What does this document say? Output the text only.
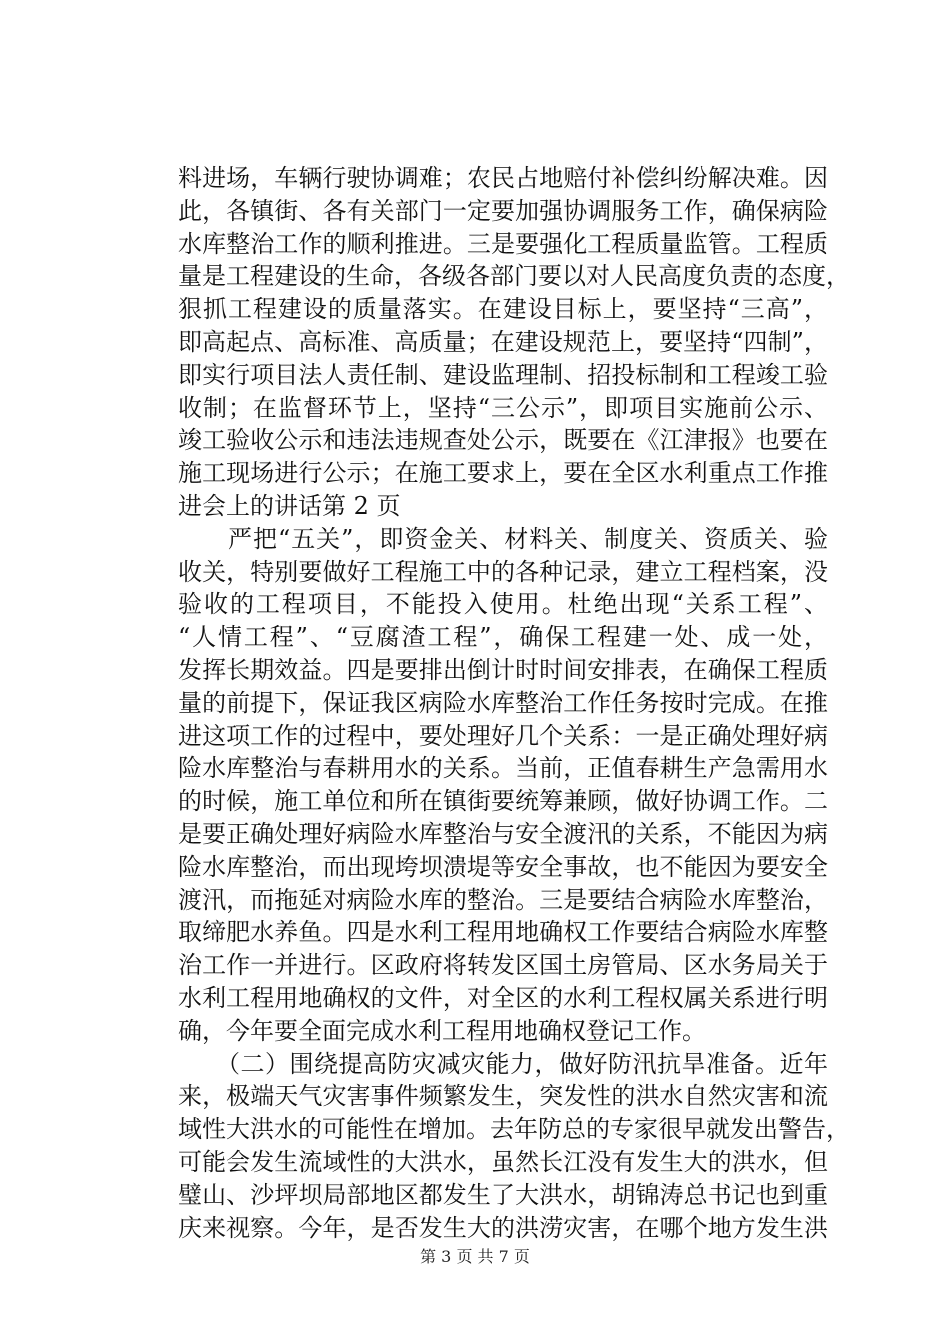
料进场，车辆行驶协调难；农民占地赔付补偿纠纷解决难。因
此，各镇街、各有关部门一定要加强协调服务工作，确保病险
水库整治工作的顺利推进。三是要强化工程质量监管。工程质
量是工程建设的生命，各级各部门要以对人民高度负责的态度，
狠抓工程建设的质量落实。在建设目标上，要坚持“三高”，
即高起点、高标准、高质量；在建设规范上，要坚持“四制”，
即实行项目法人责任制、建设监理制、招投标制和工程竣工验
收制；在监督环节上，坚持“三公示”，即项目实施前公示、
竣工验收公示和违法违规查处公示，既要在《江津报》也要在
施工现场进行公示；在施工要求上，要在全区水利重点工作推
进会上的讲话第 2 页
严把“五关”，即资金关、材料关、制度关、资质关、验
收关，特别要做好工程施工中的各种记录，建立工程档案，没
验收的工程项目，不能投入使用。杜绝出现“关系工程”、
“人情工程”、“豆腐渣工程”，确保工程建一处、成一处，
发挥长期效益。四是要排出倒计时时间安排表，在确保工程质
量的前提下，保证我区病险水库整治工作任务按时完成。在推
进这项工作的过程中，要处理好几个关系：一是正确处理好病
险水库整治与春耕用水的关系。当前，正值春耕生产急需用水
的时候，施工单位和所在镇街要统筹兼顾，做好协调工作。二
是要正确处理好病险水库整治与安全渡汛的关系，不能因为病
险水库整治，而出现垮坝溃堤等安全事故，也不能因为要安全
渡汛，而拖延对病险水库的整治。三是要结合病险水库整治，
取缔肥水养鱼。四是水利工程用地确权工作要结合病险水库整
治工作一并进行。区政府将转发区国土房管局、区水务局关于
水利工程用地确权的文件，对全区的水利工程权属关系进行明
确，今年要全面完成水利工程用地确权登记工作。
（二）围绕提高防灾减灾能力，做好防汛抗旱准备。近年
来，极端天气灾害事件频繁发生，突发性的洪水自然灾害和流
域性大洪水的可能性在增加。去年防总的专家很早就发出警告，
可能会发生流域性的大洪水，虽然长江没有发生大的洪水，但
璧山、沙坪坝局部地区都发生了大洪水，胡锦涛总书记也到重
庆来视察。今年，是否发生大的洪涝灾害，在哪个地方发生洪
第 3 页 共 7 页
